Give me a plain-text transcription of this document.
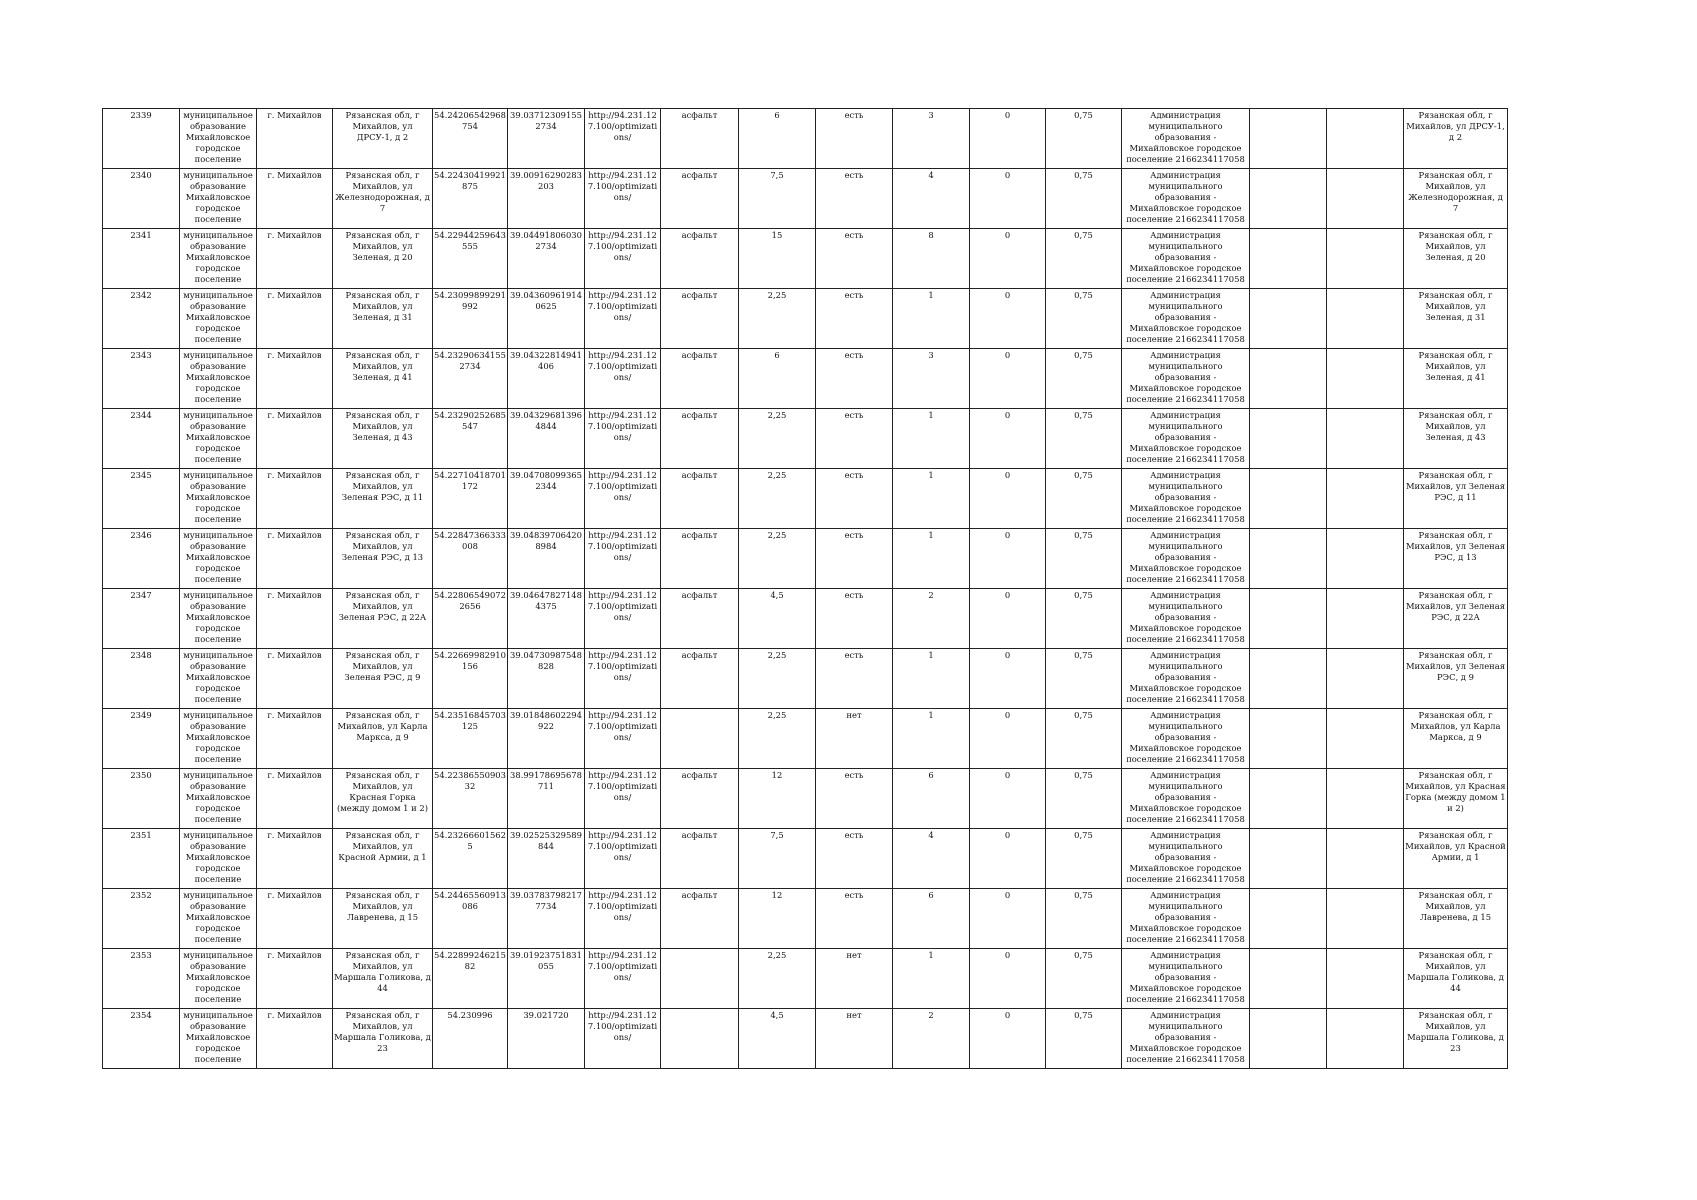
2339	муниципальное образование Михайловское городское поселение	г. Михайлов	Рязанская обл, г Михайлов, ул ДРСУ-1, д 2	54.24206542968754	39.037123091552734	http://94.231.127.100/optimizations/	асфальт	6	есть	3	0	0,75	Администрация муниципального образования - Михайловское городское поселение 2166234117058			Рязанская обл, г Михайлов, ул ДРСУ-1, д 2
2340	муниципальное образование Михайловское городское поселение	г. Михайлов	Рязанская обл, г Михайлов, ул Железнодорожная, д 7	54.22430419921875	39.00916290283203	http://94.231.127.100/optimizations/	асфальт	7,5	есть	4	0	0,75	Администрация муниципального образования - Михайловское городское поселение 2166234117058			Рязанская обл, г Михайлов, ул Железнодорожная, д 7
2341	муниципальное образование Михайловское городское поселение	г. Михайлов	Рязанская обл, г Михайлов, ул Зеленая, д 20	54.22944259643555	39.044918060302734	http://94.231.127.100/optimizations/	асфальт	15	есть	8	0	0,75	Администрация муниципального образования - Михайловское городское поселение 2166234117058			Рязанская обл, г Михайлов, ул Зеленая, д 20
2342	муниципальное образование Михайловское городское поселение	г. Михайлов	Рязанская обл, г Михайлов, ул Зеленая, д 31	54.23099899291992	39.043609619140625	http://94.231.127.100/optimizations/	асфальт	2,25	есть	1	0	0,75	Администрация муниципального образования - Михайловское городское поселение 2166234117058			Рязанская обл, г Михайлов, ул Зеленая, д 31
2343	муниципальное образование Михайловское городское поселение	г. Михайлов	Рязанская обл, г Михайлов, ул Зеленая, д 41	54.232906341552734	39.04322814941406	http://94.231.127.100/optimizations/	асфальт	6	есть	3	0	0,75	Администрация муниципального образования - Михайловское городское поселение 2166234117058			Рязанская обл, г Михайлов, ул Зеленая, д 41
2344	муниципальное образование Михайловское городское поселение	г. Михайлов	Рязанская обл, г Михайлов, ул Зеленая, д 43	54.23290252685547	39.043296813964844	http://94.231.127.100/optimizations/	асфальт	2,25	есть	1	0	0,75	Администрация муниципального образования - Михайловское городское поселение 2166234117058			Рязанская обл, г Михайлов, ул Зеленая, д 43
2345	муниципальное образование Михайловское городское поселение	г. Михайлов	Рязанская обл, г Михайлов, ул Зеленая РЭС, д 11	54.22710418701172	39.047080993652344	http://94.231.127.100/optimizations/	асфальт	2,25	есть	1	0	0,75	Администрация муниципального образования - Михайловское городское поселение 2166234117058			Рязанская обл, г Михайлов, ул Зеленая РЭС, д 11
2346	муниципальное образование Михайловское городское поселение	г. Михайлов	Рязанская обл, г Михайлов, ул Зеленая РЭС, д 13	54.22847366333008	39.048397064208984	http://94.231.127.100/optimizations/	асфальт	2,25	есть	1	0	0,75	Администрация муниципального образования - Михайловское городское поселение 2166234117058			Рязанская обл, г Михайлов, ул Зеленая РЭС, д 13
2347	муниципальное образование Михайловское городское поселение	г. Михайлов	Рязанская обл, г Михайлов, ул Зеленая РЭС, д 22А	54.228065490722656	39.046478271484375	http://94.231.127.100/optimizations/	асфальт	4,5	есть	2	0	0,75	Администрация муниципального образования - Михайловское городское поселение 2166234117058			Рязанская обл, г Михайлов, ул Зеленая РЭС, д 22А
2348	муниципальное образование Михайловское городское поселение	г. Михайлов	Рязанская обл, г Михайлов, ул Зеленая РЭС, д 9	54.22669982910156	39.04730987548828	http://94.231.127.100/optimizations/	асфальт	2,25	есть	1	0	0,75	Администрация муниципального образования - Михайловское городское поселение 2166234117058			Рязанская обл, г Михайлов, ул Зеленая РЭС, д 9
2349	муниципальное образование Михайловское городское поселение	г. Михайлов	Рязанская обл, г Михайлов, ул Карла Маркса, д 9	54.23516845703125	39.01848602294922	http://94.231.127.100/optimizations/		2,25	нет	1	0	0,75	Администрация муниципального образования - Михайловское городское поселение 2166234117058			Рязанская обл, г Михайлов, ул Карла Маркса, д 9
2350	муниципальное образование Михайловское городское поселение	г. Михайлов	Рязанская обл, г Михайлов, ул Красная Горка (между домом 1 и 2)	54.2238655090332	38.99178695678711	http://94.231.127.100/optimizations/	асфальт	12	есть	6	0	0,75	Администрация муниципального образования - Михайловское городское поселение 2166234117058			Рязанская обл, г Михайлов, ул Красная Горка (между домом 1 и 2)
2351	муниципальное образование Михайловское городское поселение	г. Михайлов	Рязанская обл, г Михайлов, ул Красной Армии, д 1	54.232666015625	39.02525329589844	http://94.231.127.100/optimizations/	асфальт	7,5	есть	4	0	0,75	Администрация муниципального образования - Михайловское городское поселение 2166234117058			Рязанская обл, г Михайлов, ул Красной Армии, д 1
2352	муниципальное образование Михайловское городское поселение	г. Михайлов	Рязанская обл, г Михайлов, ул Лавренева, д 15	54.24465560913086	39.037837982177734	http://94.231.127.100/optimizations/	асфальт	12	есть	6	0	0,75	Администрация муниципального образования - Михайловское городское поселение 2166234117058			Рязанская обл, г Михайлов, ул Лавренева, д 15
2353	муниципальное образование Михайловское городское поселение	г. Михайлов	Рязанская обл, г Михайлов, ул Маршала Голикова, д 44	54.2289924621582	39.01923751831055	http://94.231.127.100/optimizations/		2,25	нет	1	0	0,75	Администрация муниципального образования - Михайловское городское поселение 2166234117058			Рязанская обл, г Михайлов, ул Маршала Голикова, д 44
2354	муниципальное образование Михайловское городское поселение	г. Михайлов	Рязанская обл, г Михайлов, ул Маршала Голикова, д 23	54.230996	39.021720	http://94.231.127.100/optimizations/		4,5	нет	2	0	0,75	Администрация муниципального образования - Михайловское городское поселение 2166234117058			Рязанская обл, г Михайлов, ул Маршала Голикова, д 23
